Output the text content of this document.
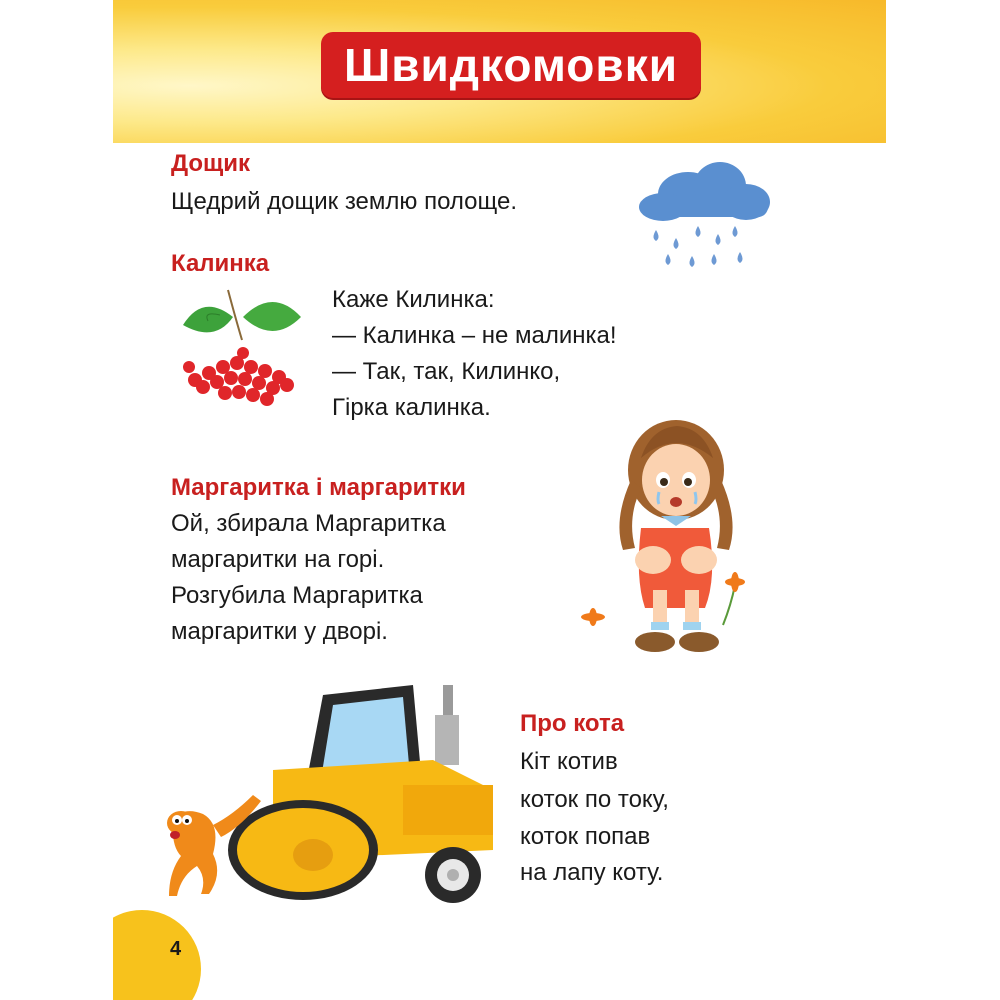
Швидкомовки
Дощик
Щедрий дощик землю полоще.
Калинка
Каже Килинка:
— Калинка – не малинка!
— Так, так, Килинко,
Гірка калинка.
Маргаритка і маргаритки
Ой, збирала Маргаритка
маргаритки на горі.
Розгубила Маргаритка
маргаритки у дворі.
Про кота
Кіт котив
коток по току,
коток попав
на лапу коту.
4
